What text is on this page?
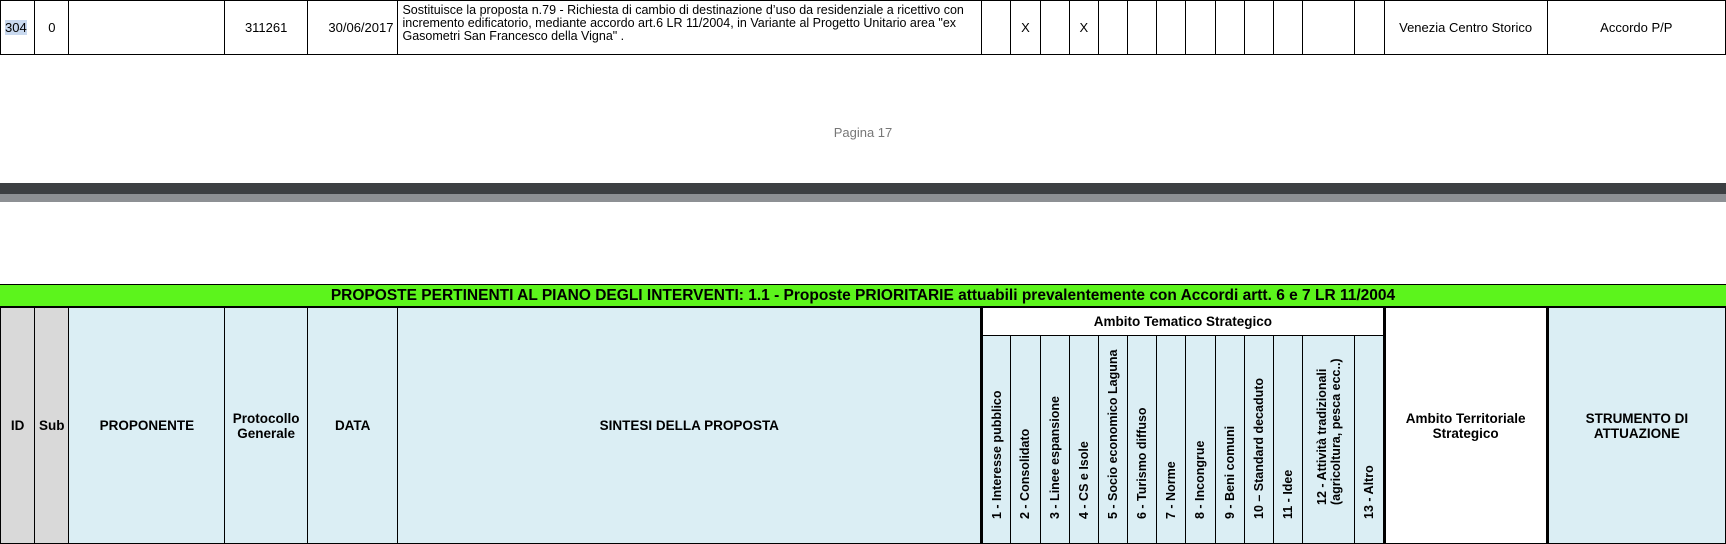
304	0		311261	30/06/2017	Sostituisce la proposta n.79 - Richiesta di cambio di destinazione d’uso da residenziale a ricettivo con incremento edificatorio, mediante accordo art.6 LR 11/2004, in Variante al Progetto Unitario area "ex Gasometri San Francesco della Vigna" .		X		X										Venezia Centro Storico	Accordo P/P
Pagina 17
PROPOSTE PERTINENTI AL PIANO DEGLI INTERVENTI: 1.1 - Proposte PRIORITARIE attuabili prevalentemente con Accordi artt. 6 e 7 LR 11/2004
ID	Sub	PROPONENTE	Protocollo Generale	DATA	SINTESI DELLA PROPOSTA	Ambito Tematico Strategico													Ambito Territoriale Strategico	STRUMENTO DI ATTUAZIONE

						1 - Interesse pubblico	2 - Consolidato	3 - Linee espansione	4 - CS e Isole	5 - Socio economico Laguna	6 - Turismo diffuso	7 - Norme	8 - Incongrue	9 - Beni comuni	10 – Standard decaduto	11 - Idee	12 - Attività tradizionali (agricoltura, pesca ecc..)	13 - Altro		
